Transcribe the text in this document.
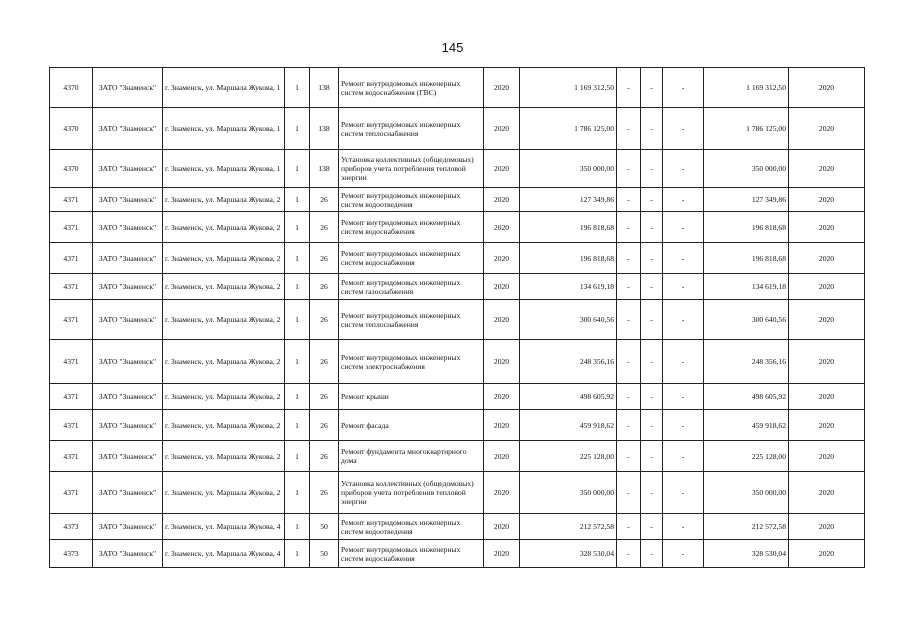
145
4370	ЗАТО "Знаменск"	г. Знаменск, ул. Маршала Жукова, 1	1	138	Ремонт внутридомовых инженерных систем водоснабжения (ГВС)	2020	1 169 312,50	-	-	-	1 169 312,50	2020
4370	ЗАТО "Знаменск"	г. Знаменск, ул. Маршала Жукова, 1	1	138	Ремонт внутридомовых инженерных систем теплоснабжения	2020	1 786 125,00	-	-	-	1 786 125,00	2020
4370	ЗАТО "Знаменск"	г. Знаменск, ул. Маршала Жукова, 1	1	138	Установка коллективных (общедомовых) приборов учета потребления тепловой энергии	2020	350 000,00	-	-	-	350 000,00	2020
4371	ЗАТО "Знаменск"	г. Знаменск, ул. Маршала Жукова, 2	1	26	Ремонт внутридомовых инженерных систем водоотведения	2020	127 349,86	-	-	-	127 349,86	2020
4371	ЗАТО "Знаменск"	г. Знаменск, ул. Маршала Жукова, 2	1	26	Ремонт внутридомовых инженерных систем водоснабжения	2020	196 818,68	-	-	-	196 818,68	2020
4371	ЗАТО "Знаменск"	г. Знаменск, ул. Маршала Жукова, 2	1	26	Ремонт внутридомовых инженерных систем водоснабжения	2020	196 818,68	-	-	-	196 818,68	2020
4371	ЗАТО "Знаменск"	г. Знаменск, ул. Маршала Жукова, 2	1	26	Ремонт внутридомовых инженерных систем газоснабжения	2020	134 619,18	-	-	-	134 619,18	2020
4371	ЗАТО "Знаменск"	г. Знаменск, ул. Маршала Жукова, 2	1	26	Ремонт внутридомовых инженерных систем теплоснабжения	2020	300 640,56	-	-	-	300 640,56	2020
4371	ЗАТО "Знаменск"	г. Знаменск, ул. Маршала Жукова, 2	1	26	Ремонт внутридомовых инженерных систем электроснабжения	2020	248 356,16	-	-	-	248 356,16	2020
4371	ЗАТО "Знаменск"	г. Знаменск, ул. Маршала Жукова, 2	1	26	Ремонт крыши	2020	498 605,92	-	-	-	498 605,92	2020
4371	ЗАТО "Знаменск"	г. Знаменск, ул. Маршала Жукова, 2	1	26	Ремонт фасада	2020	459 918,62	-	-	-	459 918,62	2020
4371	ЗАТО "Знаменск"	г. Знаменск, ул. Маршала Жукова, 2	1	26	Ремонт фундамента многоквартирного дома	2020	225 128,00	-	-	-	225 128,00	2020
4371	ЗАТО "Знаменск"	г. Знаменск, ул. Маршала Жукова, 2	1	26	Установка коллективных (общедомовых) приборов учета потребления тепловой энергии	2020	350 000,00	-	-	-	350 000,00	2020
4373	ЗАТО "Знаменск"	г. Знаменск, ул. Маршала Жукова, 4	1	50	Ремонт внутридомовых инженерных систем водоотведения	2020	212 572,58	-	-	-	212 572,58	2020
4373	ЗАТО "Знаменск"	г. Знаменск, ул. Маршала Жукова, 4	1	50	Ремонт внутридомовых инженерных систем водоснабжения	2020	328 530,04	-	-	-	328 530,04	2020
